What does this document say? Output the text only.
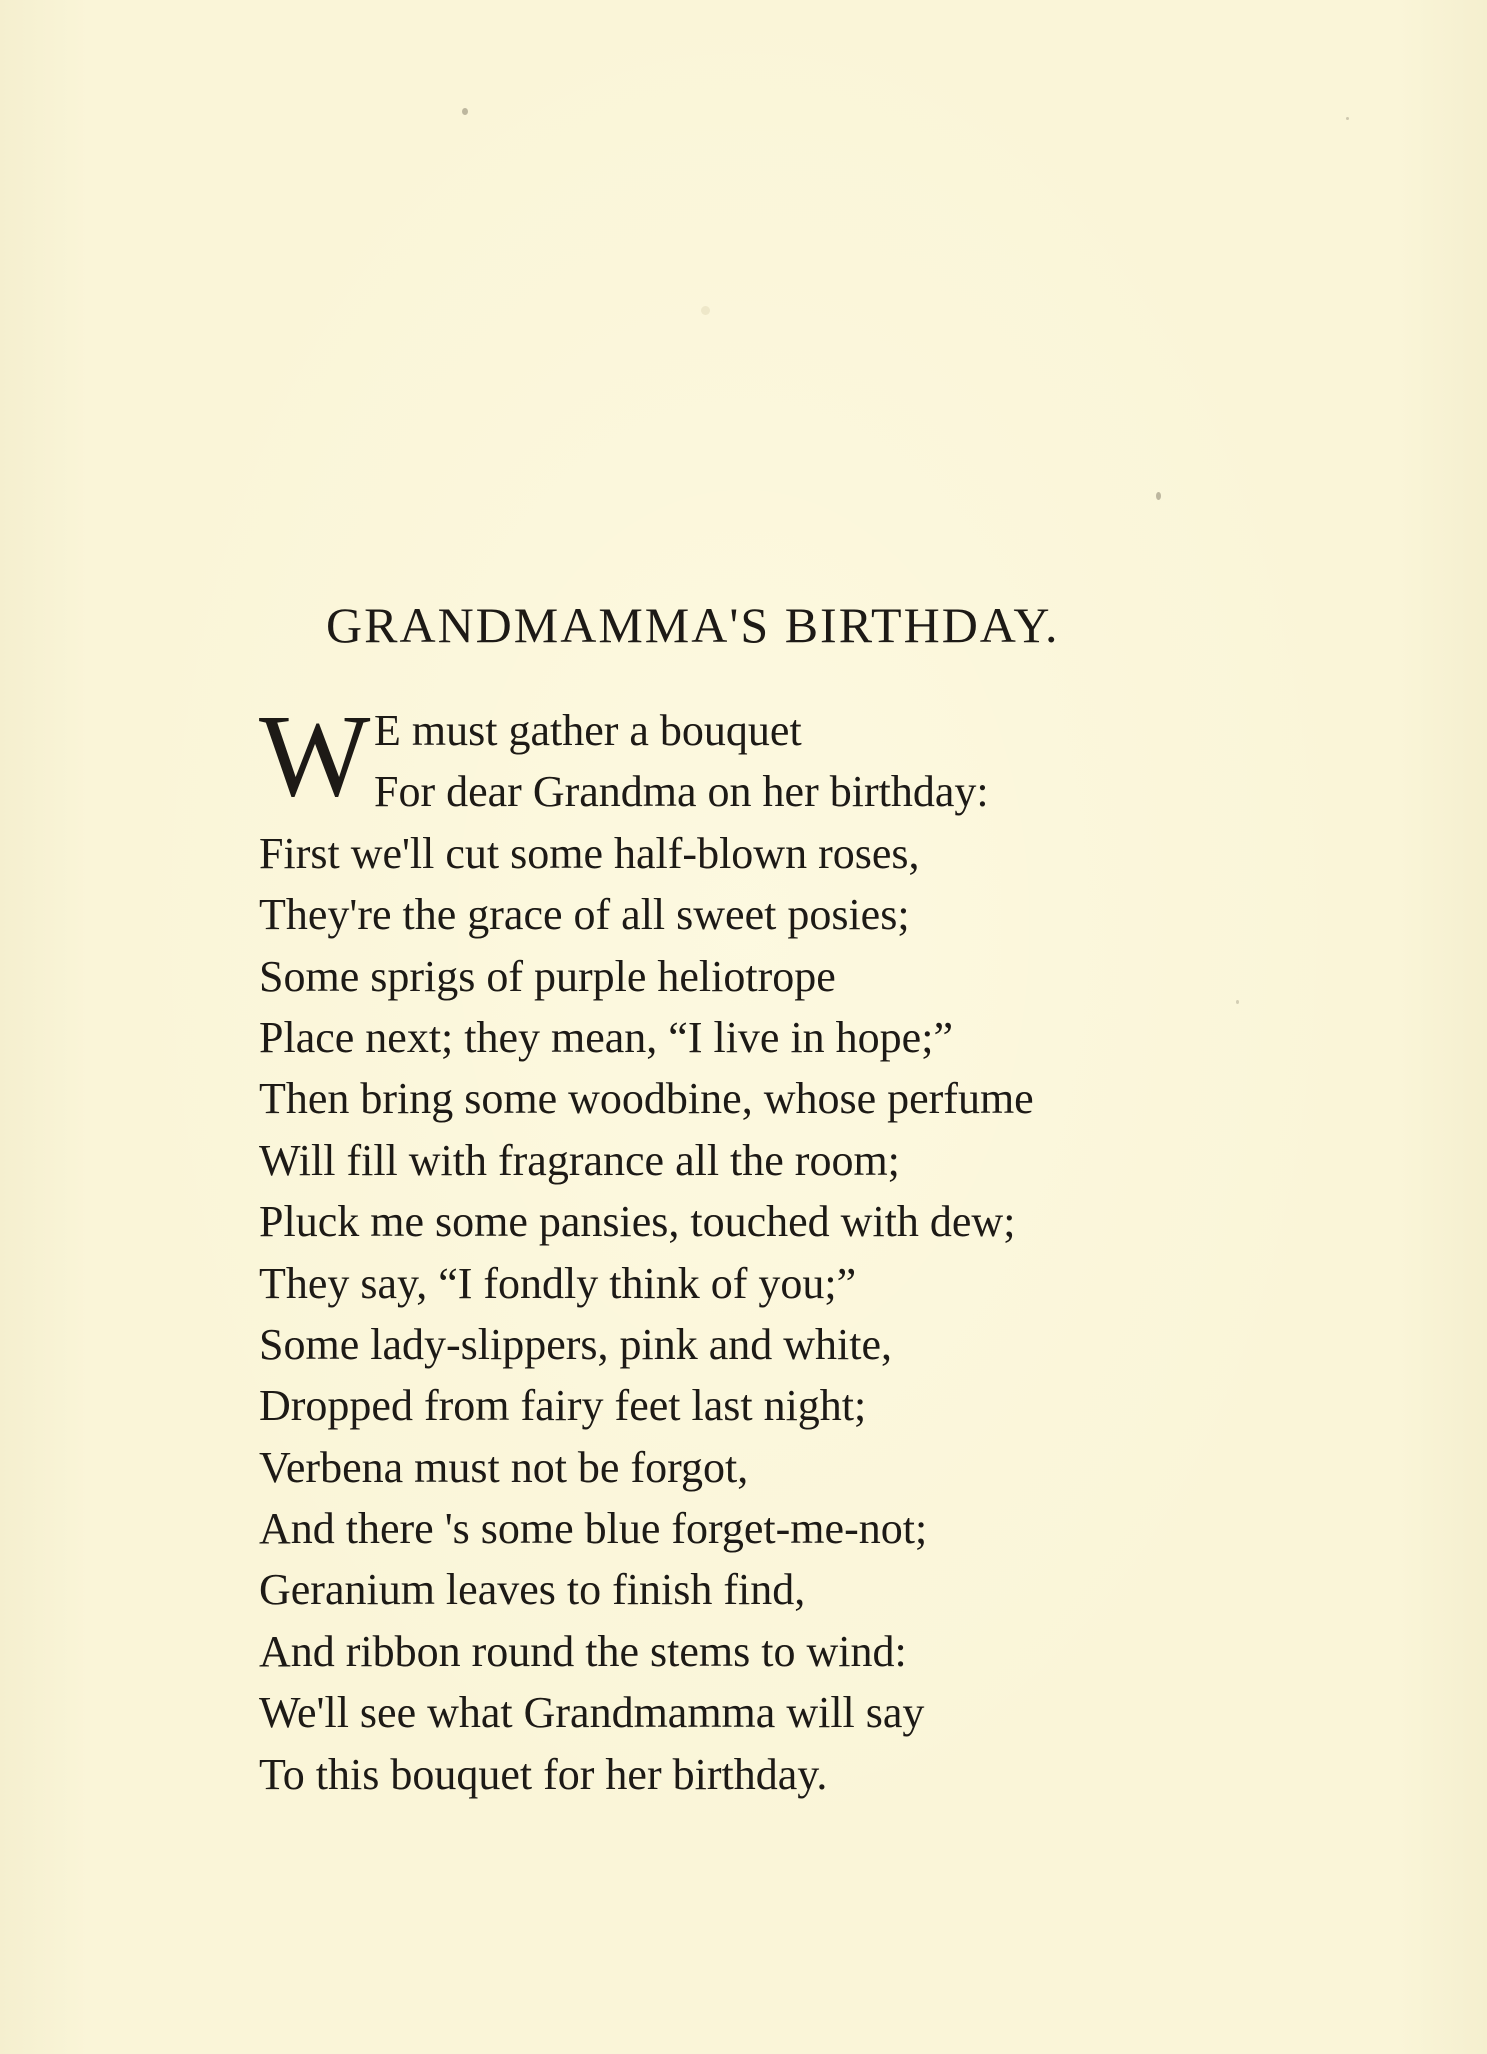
GRANDMAMMA'S BIRTHDAY.
W E must gather a bouquet
For dear Grandma on her birthday:
First we'll cut some half-blown roses,
They're the grace of all sweet posies;
Some sprigs of purple heliotrope
Place next; they mean, “I live in hope;”
Then bring some woodbine, whose perfume
Will fill with fragrance all the room;
Pluck me some pansies, touched with dew;
They say, “I fondly think of you;”
Some lady-slippers, pink and white,
Dropped from fairy feet last night;
Verbena must not be forgot,
And there 's some blue forget-me-not;
Geranium leaves to finish find,
And ribbon round the stems to wind:
We'll see what Grandmamma will say
To this bouquet for her birthday.
